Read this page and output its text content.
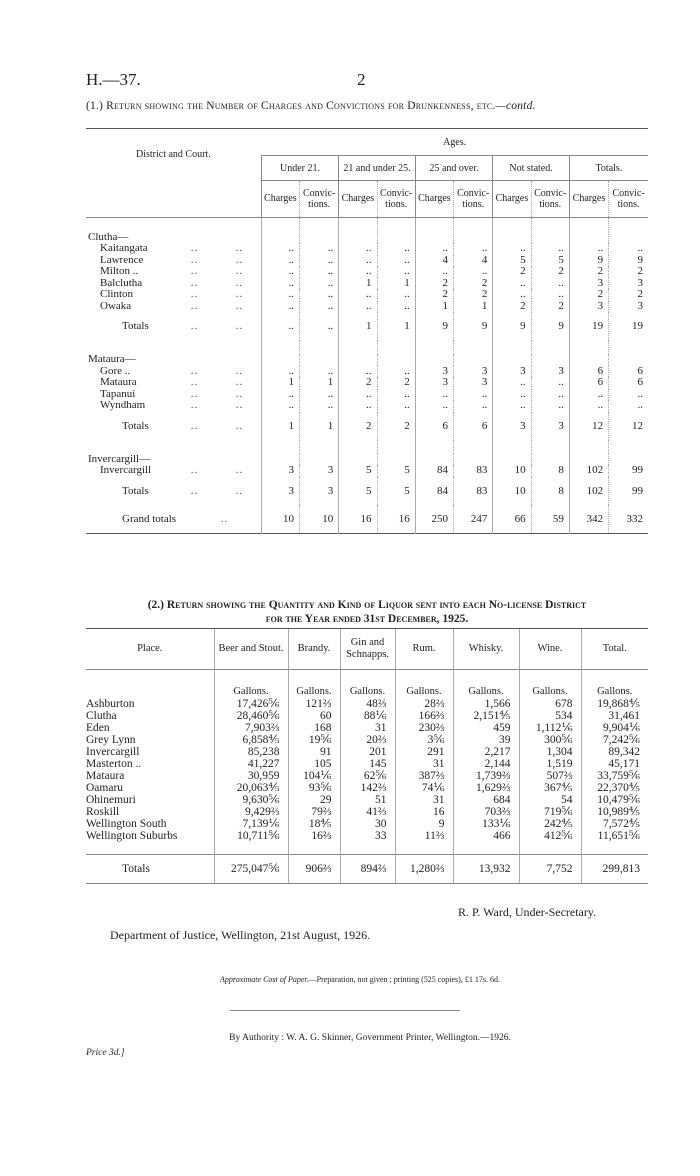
H.—37.	2
(1.) Return showing the Number of Charges and Convictions for Drunkenness, etc.—contd.
District and Court.		Ages.									
		Under 21.		21 and under 25.		25 and over.		Not stated.		Totals.	
		Charges	Convic-tions.	Charges	Convic-tions.	Charges	Convic-tions.	Charges	Convic-tions.	Charges	Convic-tions.

Clutha—											
Kaitangata	..          ..	..	..	..	..	..	..	..	..	..	..
Lawrence	..          ..	..	..	..	..	4	4	5	5	9	9
Milton ..	..          ..	..	..	..	..	..	..	2	2	2	2
Balclutha	..          ..	..	..	1	1	2	2	..	..	3	3
Clinton	..          ..	..	..	..	..	2	2	..	..	2	2
Owaka	..          ..	..	..	..	..	1	1	2	2	3	3
Totals	..          ..	..	..	1	1	9	9	9	9	19	19

Mataura—											
Gore ..	..          ..	..	..	..	..	3	3	3	3	6	6
Mataura	..          ..	1	1	2	2	3	3	..	..	6	6
Tapanui	..          ..	..	..	..	..	..	..	..	..	..	..
Wyndham	..          ..	..	..	..	..	..	..	..	..	..	..
Totals	..          ..	1	1	2	2	6	6	3	3	12	12

Invercargill—											
Invercargill	..          ..	3	3	5	5	84	83	10	8	102	99
Totals	..          ..	3	3	5	5	84	83	10	8	102	99
Grand totals	..	10	10	16	16	250	247	66	59	342	332
(2.) Return showing the Quantity and Kind of Liquor sent into each No-license District
for the Year ended 31st December, 1925.
Place.	Beer and Stout.	Brandy.	Gin and Schnapps.	Rum.	Whisky.	Wine.	Total.
	Gallons.	Gallons.	Gallons.	Gallons.	Gallons.	Gallons.	Gallons.
Ashburton	17,426⅚	121⅔	48⅔	28⅔	1,566	678	19,868⅘
Clutha	28,460⅚	60	88⅙	166⅔	2,151⅘	534	31,461
Eden	7,903⅔	168	31	230⅔	459	1,112⅙	9,904⅙
Grey Lynn	6,858⅘	19⅚	20⅔	3⅚	39	300⅚	7,242⅚
Invercargill	85,238	91	201	291	2,217	1,304	89,342
Masterton ..	41,227	105	145	31	2,144	1,519	45,171
Mataura	30,959	104⅙	62⅚	387⅔	1,739⅔	507⅔	33,759⅚
Oamaru	20,063⅘	93⅚	142⅔	74⅙	1,629⅔	367⅘	22,370⅘
Ohinemuri	9,630⅚	29	51	31	684	54	10,479⅚
Roskill	9,429⅔	79⅔	41⅔	16	703⅔	719⅚	10,989⅘
Wellington South	7,139⅙	18⅘	30	9	133⅙	242⅘	7,572⅘
Wellington Suburbs	10,711⅚	16⅔	33	11⅔	466	412⅚	11,651⅚

Totals	275,047⅚	906⅔	894⅔	1,280⅔	13,932	7,752	299,813
R. P. Ward, Under-Secretary.
Department of Justice, Wellington, 21st August, 1926.
Approximate Cost of Paper.—Preparation, not given ; printing (525 copies), £1 17s. 6d.
By Authority : W. A. G. Skinner, Government Printer, Wellington.—1926.
Price 3d.]
